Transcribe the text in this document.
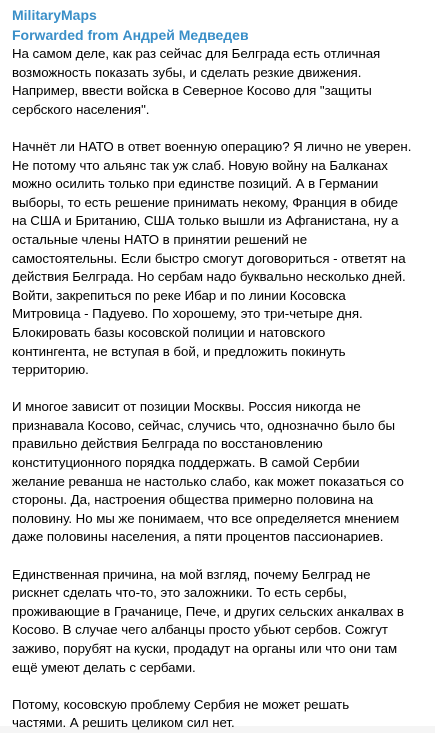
MilitaryMaps
Forwarded from Андрей Медведев
На самом деле, как раз сейчас для Белграда есть отличная
возможность показать зубы, и сделать резкие движения.
Например, ввести войска в Северное Косово для "защиты
сербского населения".
Начнёт ли НАТО в ответ военную операцию? Я лично не уверен.
Не потому что альянс так уж слаб. Новую войну на Балканах
можно осилить только при единстве позиций. А в Германии
выборы, то есть решение принимать некому, Франция в обиде
на США и Британию, США только вышли из Афганистана, ну а
остальные члены НАТО в принятии решений не
самостоятельны. Если быстро смогут договориться - ответят на
действия Белграда. Но сербам надо буквально несколько дней.
Войти, закрепиться по реке Ибар и по линии Косовска
Митровица - Падуево. По хорошему, это три-четыре дня.
Блокировать базы косовской полиции и натовского
контингента, не вступая в бой, и предложить покинуть
территорию.
И многое зависит от позиции Москвы. Россия никогда не
признавала Косово, сейчас, случись что, однозначно было бы
правильно действия Белграда по восстановлению
конституционного порядка поддержать. В самой Сербии
желание реванша не настолько слабо, как может показаться со
стороны. Да, настроения общества примерно половина на
половину. Но мы же понимаем, что все определяется мнением
даже половины населения, а пяти процентов пассионариев.
Единственная причина, на мой взгляд, почему Белград не
рискнет сделать что-то, это заложники. То есть сербы,
проживающие в Грачанице, Пече, и других сельских анкалвах в
Косово. В случае чего албанцы просто убьют сербов. Сожгут
заживо, порубят на куски, продадут на органы или что они там
ещё умеют делать с сербами.
Потому, косовскую проблему Сербия не может решать
частями. А решить целиком сил нет.
